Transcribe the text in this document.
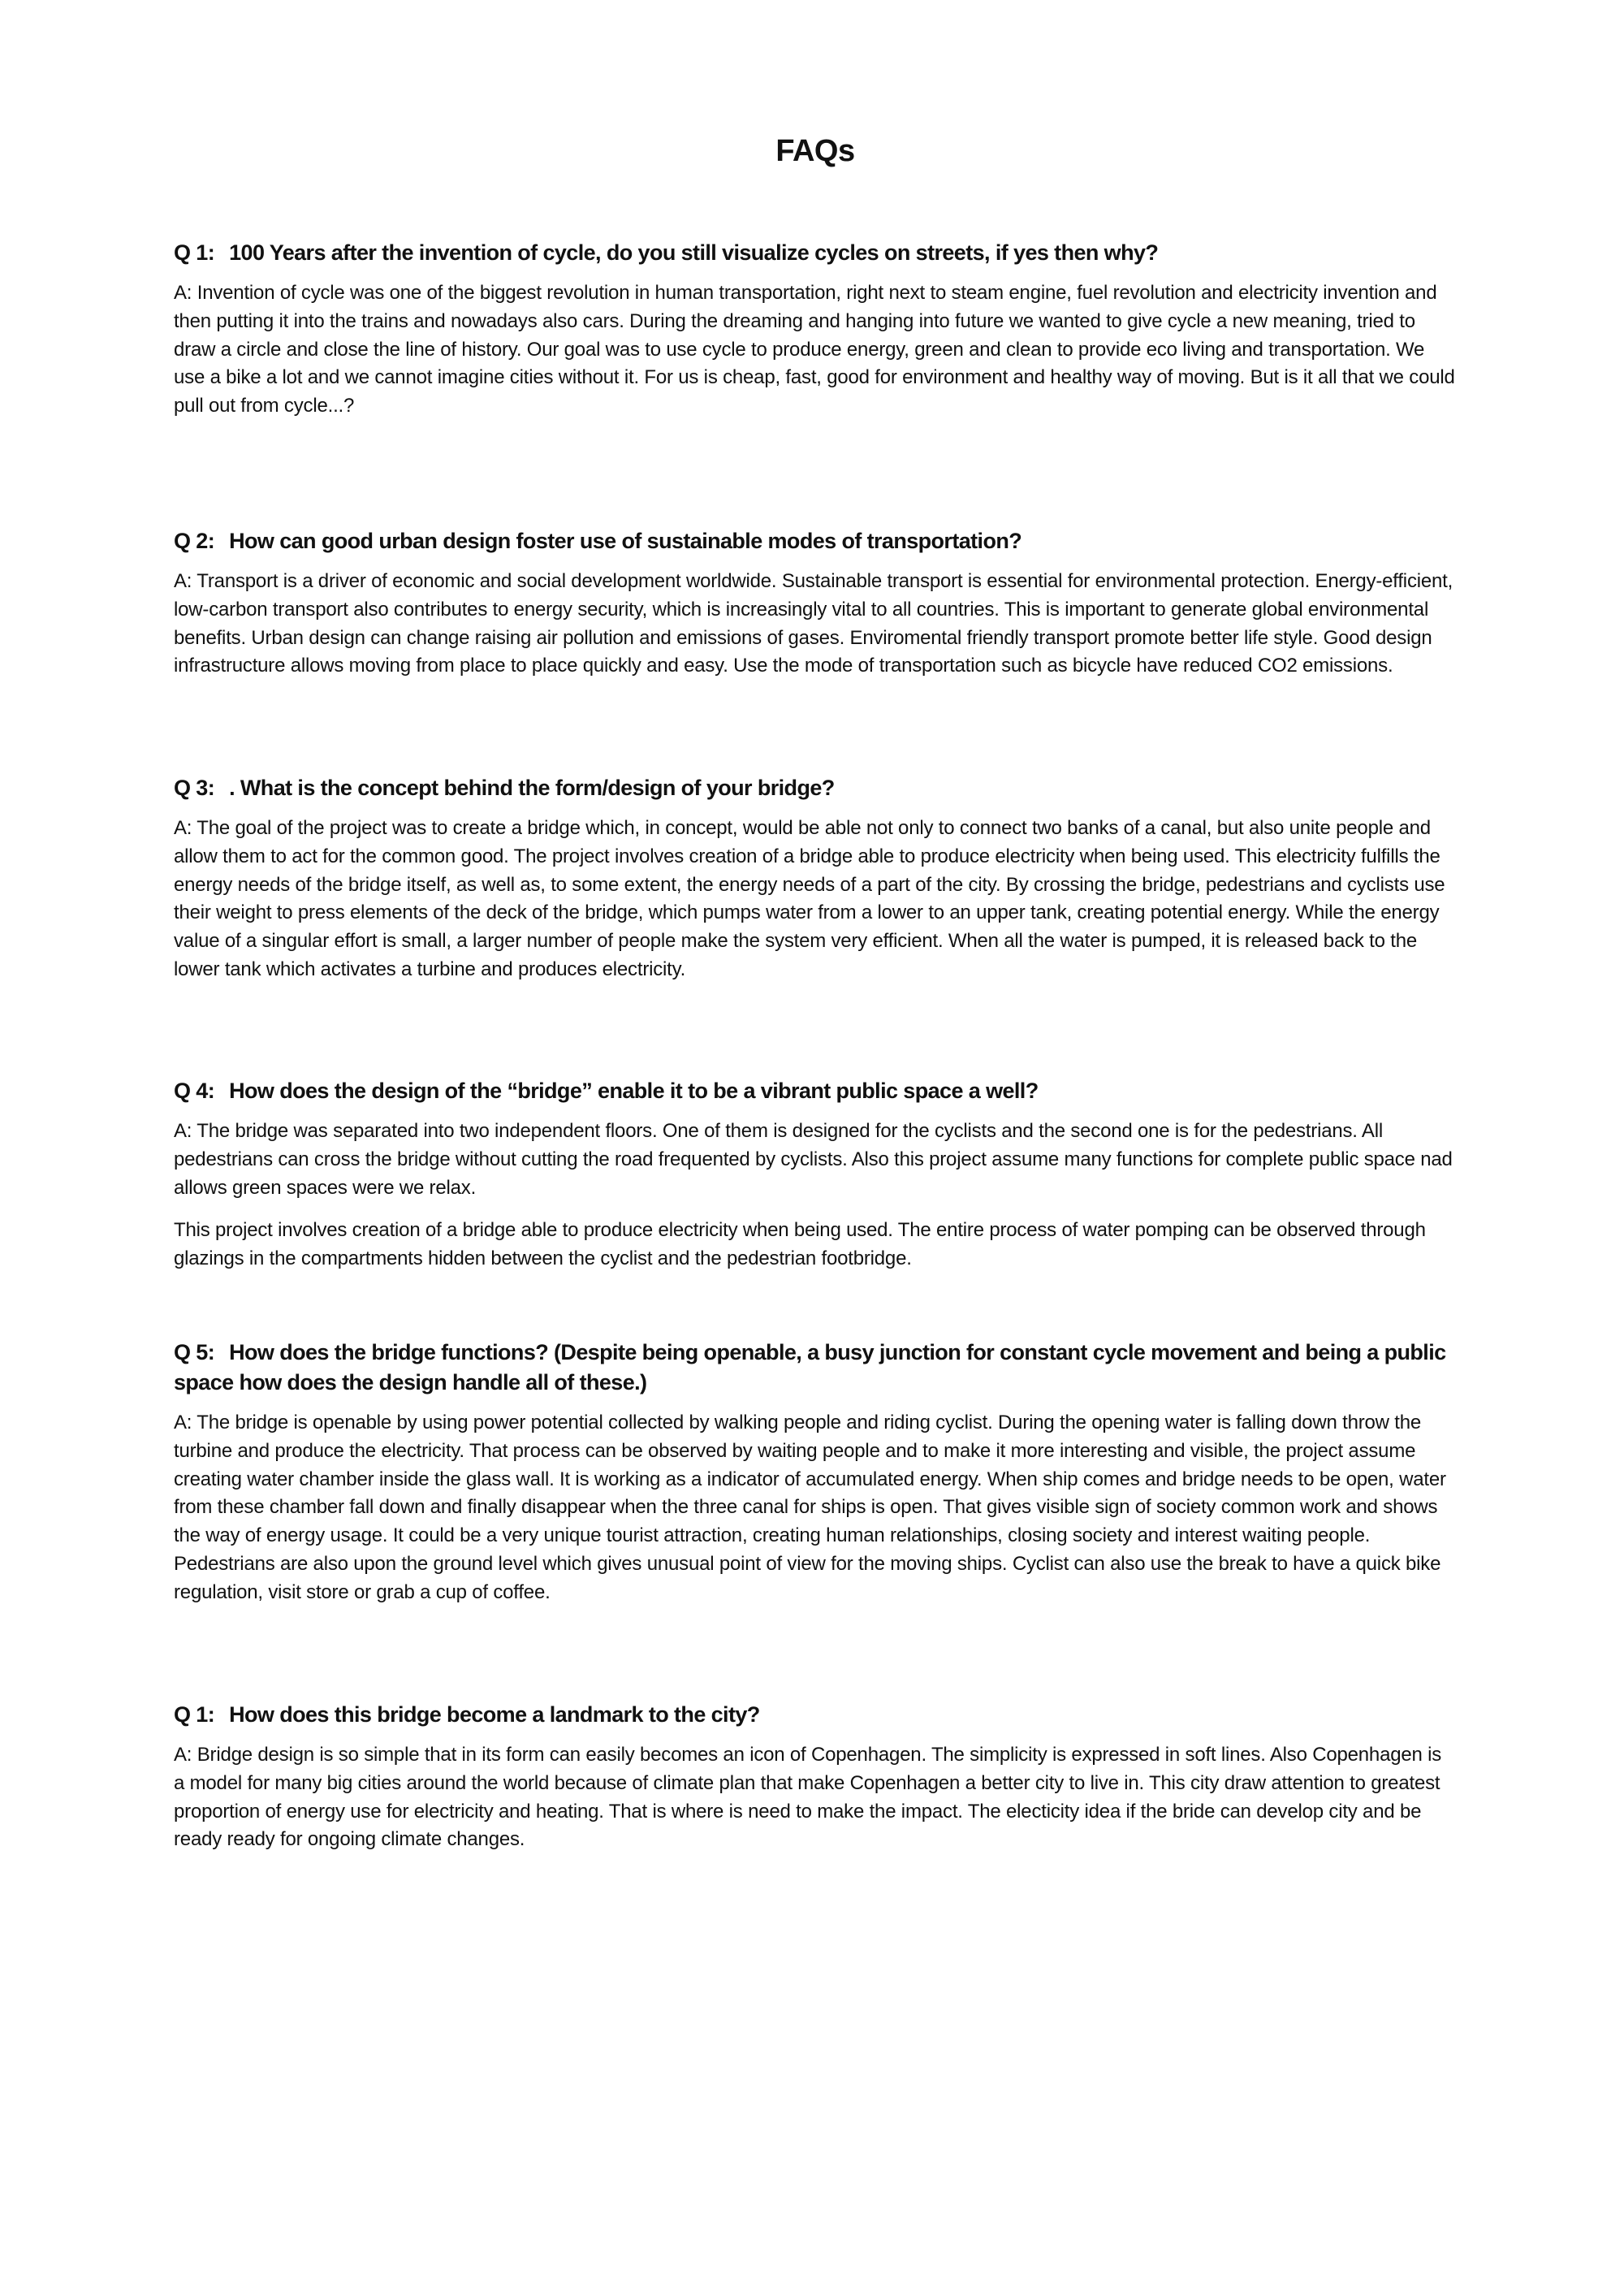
FAQs

Q 1: 100 Years after the invention of cycle, do you still visualize cycles on streets, if yes then why?

A: Invention of cycle was one of the biggest revolution in human transportation, right next to steam engine, fuel revolution and electricity invention and then putting it into the trains and nowadays also cars. During the dreaming and hanging into future we wanted to give cycle a new meaning, tried to draw a circle and close the line of history. Our goal was to use cycle to produce energy, green and clean to provide eco living and transportation. We use a bike a lot and we cannot imagine cities without it. For us is cheap, fast, good for environment and healthy way of moving. But is it all that we could pull out from cycle...?

Q 2: How can good urban design foster use of sustainable modes of transportation?

A: Transport is a driver of economic and social development worldwide. Sustainable transport is essential for environmental protection. Energy-efficient, low-carbon transport also contributes to energy security, which is increasingly vital to all countries. This is important to generate global environmental benefits. Urban design can change raising air pollution and emissions of gases. Enviromental friendly transport promote better life style. Good design infrastructure allows moving from place to place quickly and easy. Use the mode of transportation such as bicycle have reduced CO2 emissions.

Q 3: . What is the concept behind the form/design of your bridge?

A: The goal of the project was to create a bridge which, in concept, would be able not only to connect two banks of a canal, but also unite people and allow them to act for the common good. The project involves creation of a bridge able to produce electricity when being used. This electricity fulfills the energy needs of the bridge itself, as well as, to some extent, the energy needs of a part of the city. By crossing the bridge, pedestrians and cyclists use their weight to press elements of the deck of the bridge, which pumps water from a lower to an upper tank, creating potential energy. While the energy value of a singular effort is small, a larger number of people make the system very efficient. When all the water is pumped, it is released back to the lower tank which activates a turbine and produces electricity.

Q 4: How does the design of the “bridge” enable it to be a vibrant public space a well?

A: The bridge was separated into two independent floors. One of them is designed for the cyclists and the second one is for the pedestrians. All pedestrians can cross the bridge without cutting the road frequented by cyclists. Also this project assume many functions for complete public space nad allows green spaces were we relax.

This project involves creation of a bridge able to produce electricity when being used. The entire process of water pomping can be observed through glazings in the compartments hidden between the cyclist and the pedestrian footbridge.

Q 5: How does the bridge functions? (Despite being openable, a busy junction for constant cycle movement and being a public space how does the design handle all of these.)

A: The bridge is openable by using power potential collected by walking people and riding cyclist. During the opening water is falling down throw the turbine and produce the electricity. That process can be observed by waiting people and to make it more interesting and visible, the project assume creating water chamber inside the glass wall. It is working as a indicator of accumulated energy. When ship comes and bridge needs to be open, water from these chamber fall down and finally disappear when the three canal for ships is open. That gives visible sign of society common work and shows the way of energy usage. It could be a very unique tourist attraction, creating human relationships, closing society and interest waiting people. Pedestrians are also upon the ground level which gives unusual point of view for the moving ships. Cyclist can also use the break to have a quick bike regulation, visit store or grab a cup of coffee.

Q 1: How does this bridge become a landmark to the city?

A: Bridge design is so simple that in its form can easily becomes an icon of Copenhagen. The simplicity is expressed in soft lines. Also Copenhagen is a model for many big cities around the world because of climate plan that make Copenhagen a better city to live in. This city draw attention to greatest proportion of energy use for electricity and heating. That is where is need to make the impact. The electicity idea if the bride can develop city and be ready ready for ongoing climate changes.
